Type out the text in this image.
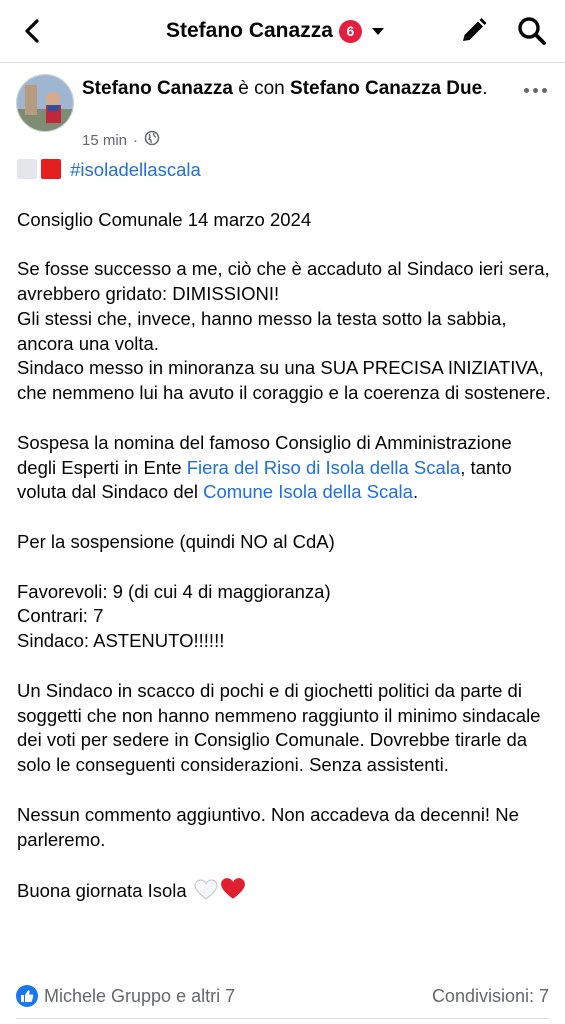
Stefano Canazza 6
Stefano Canazza è con Stefano Canazza Due.
15 min ·

#isoladellascala

Consiglio Comunale 14 marzo 2024

Se fosse successo a me, ciò che è accaduto al Sindaco ieri sera, avrebbero gridato: DIMISSIONI!

Gli stessi che, invece, hanno messo la testa sotto la sabbia, ancora una volta.

Sindaco messo in minoranza su una SUA PRECISA INIZIATIVA, che nemmeno lui ha avuto il coraggio e la coerenza di sostenere.

Sospesa la nomina del famoso Consiglio di Amministrazione degli Esperti in Ente Fiera del Riso di Isola della Scala, tanto voluta dal Sindaco del Comune Isola della Scala.

Per la sospensione (quindi NO al CdA)

Favorevoli: 9 (di cui 4 di maggioranza)

Contrari: 7

Sindaco: ASTENUTO!!!!!!

Un Sindaco in scacco di pochi e di giochetti politici da parte di soggetti che non hanno nemmeno raggiunto il minimo sindacale dei voti per sedere in Consiglio Comunale. Dovrebbe tirarle da solo le conseguenti considerazioni. Senza assistenti.

Nessun commento aggiuntivo. Non accadeva da decenni! Ne parleremo.

Buona giornata Isola

Michele Gruppo e altri 7	Condivisioni: 7
